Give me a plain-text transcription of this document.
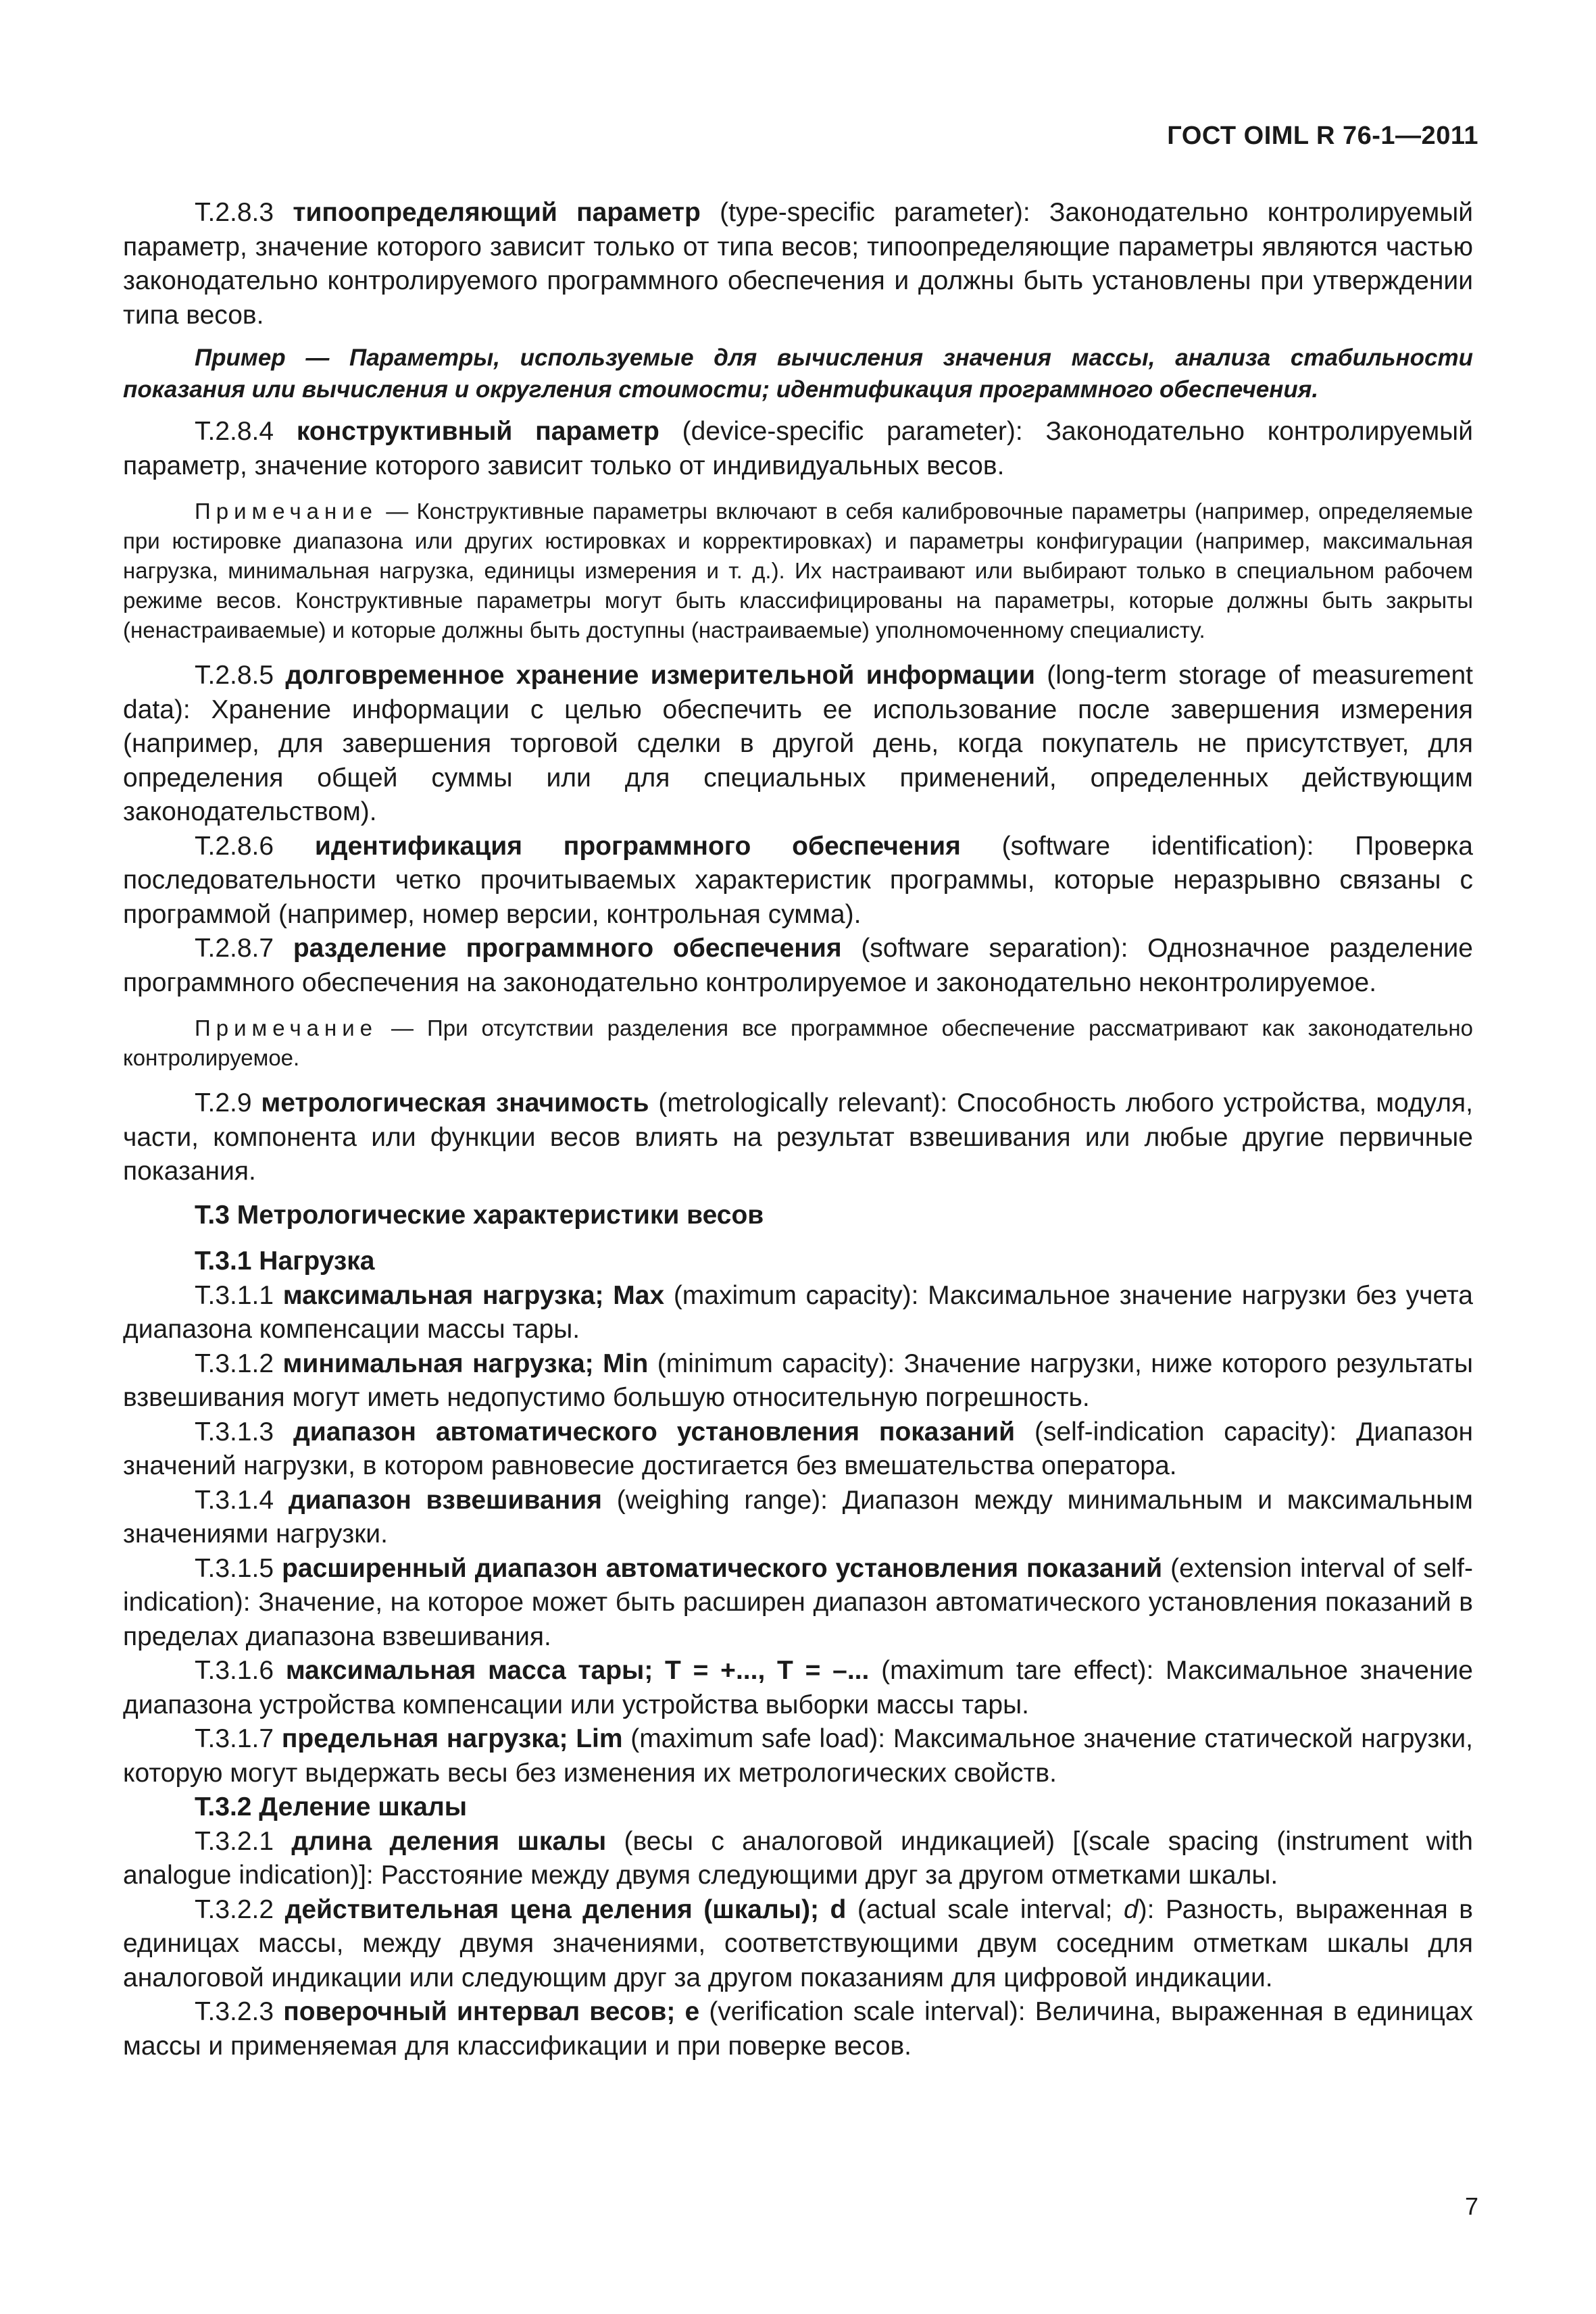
ГОСТ OIML R 76-1—2011

Т.2.8.3 типоопределяющий параметр (type-specific parameter): Законодательно контролируемый параметр, значение которого зависит только от типа весов; типоопределяющие параметры являются частью законодательно контролируемого программного обеспечения и должны быть установлены при утверждении типа весов.

Пример — Параметры, используемые для вычисления значения массы, анализа стабильности показания или вычисления и округления стоимости; идентификация программного обеспечения.

Т.2.8.4 конструктивный параметр (device-specific parameter): Законодательно контролируемый параметр, значение которого зависит только от индивидуальных весов.

Примечание — Конструктивные параметры включают в себя калибровочные параметры (например, определяемые при юстировке диапазона или других юстировках и корректировках) и параметры конфигурации (например, максимальная нагрузка, минимальная нагрузка, единицы измерения и т. д.). Их настраивают или выбирают только в специальном рабочем режиме весов. Конструктивные параметры могут быть классифицированы на параметры, которые должны быть закрыты (ненастраиваемые) и которые должны быть доступны (настраиваемые) уполномоченному специалисту.

Т.2.8.5 долговременное хранение измерительной информации (long-term storage of measurement data): Хранение информации с целью обеспечить ее использование после завершения измерения (например, для завершения торговой сделки в другой день, когда покупатель не присутствует, для определения общей суммы или для специальных применений, определенных действующим законодательством).

Т.2.8.6 идентификация программного обеспечения (software identification): Проверка последовательности четко прочитываемых характеристик программы, которые неразрывно связаны с программой (например, номер версии, контрольная сумма).

Т.2.8.7 разделение программного обеспечения (software separation): Однозначное разделение программного обеспечения на законодательно контролируемое и законодательно неконтролируемое.

Примечание — При отсутствии разделения все программное обеспечение рассматривают как законодательно контролируемое.

Т.2.9 метрологическая значимость (metrologically relevant): Способность любого устройства, модуля, части, компонента или функции весов влиять на результат взвешивания или любые другие первичные показания.

Т.3 Метрологические характеристики весов

Т.3.1 Нагрузка

Т.3.1.1 максимальная нагрузка; Max (maximum capacity): Максимальное значение нагрузки без учета диапазона компенсации массы тары.

Т.3.1.2 минимальная нагрузка; Min (minimum capacity): Значение нагрузки, ниже которого результаты взвешивания могут иметь недопустимо большую относительную погрешность.

Т.3.1.3 диапазон автоматического установления показаний (self-indication capacity): Диапазон значений нагрузки, в котором равновесие достигается без вмешательства оператора.

Т.3.1.4 диапазон взвешивания (weighing range): Диапазон между минимальным и максимальным значениями нагрузки.

Т.3.1.5 расширенный диапазон автоматического установления показаний (extension interval of self-indication): Значение, на которое может быть расширен диапазон автоматического установления показаний в пределах диапазона взвешивания.

Т.3.1.6 максимальная масса тары; T = +..., T = –... (maximum tare effect): Максимальное значение диапазона устройства компенсации или устройства выборки массы тары.

Т.3.1.7 предельная нагрузка; Lim (maximum safe load): Максимальное значение статической нагрузки, которую могут выдержать весы без изменения их метрологических свойств.

Т.3.2 Деление шкалы

Т.3.2.1 длина деления шкалы (весы с аналоговой индикацией) [(scale spacing (instrument with analogue indication)]: Расстояние между двумя следующими друг за другом отметками шкалы.

Т.3.2.2 действительная цена деления (шкалы); d (actual scale interval; d): Разность, выраженная в единицах массы, между двумя значениями, соответствующими двум соседним отметкам шкалы для аналоговой индикации или следующим друг за другом показаниям для цифровой индикации.

Т.3.2.3 поверочный интервал весов; e (verification scale interval): Величина, выраженная в единицах массы и применяемая для классификации и при поверке весов.

7
